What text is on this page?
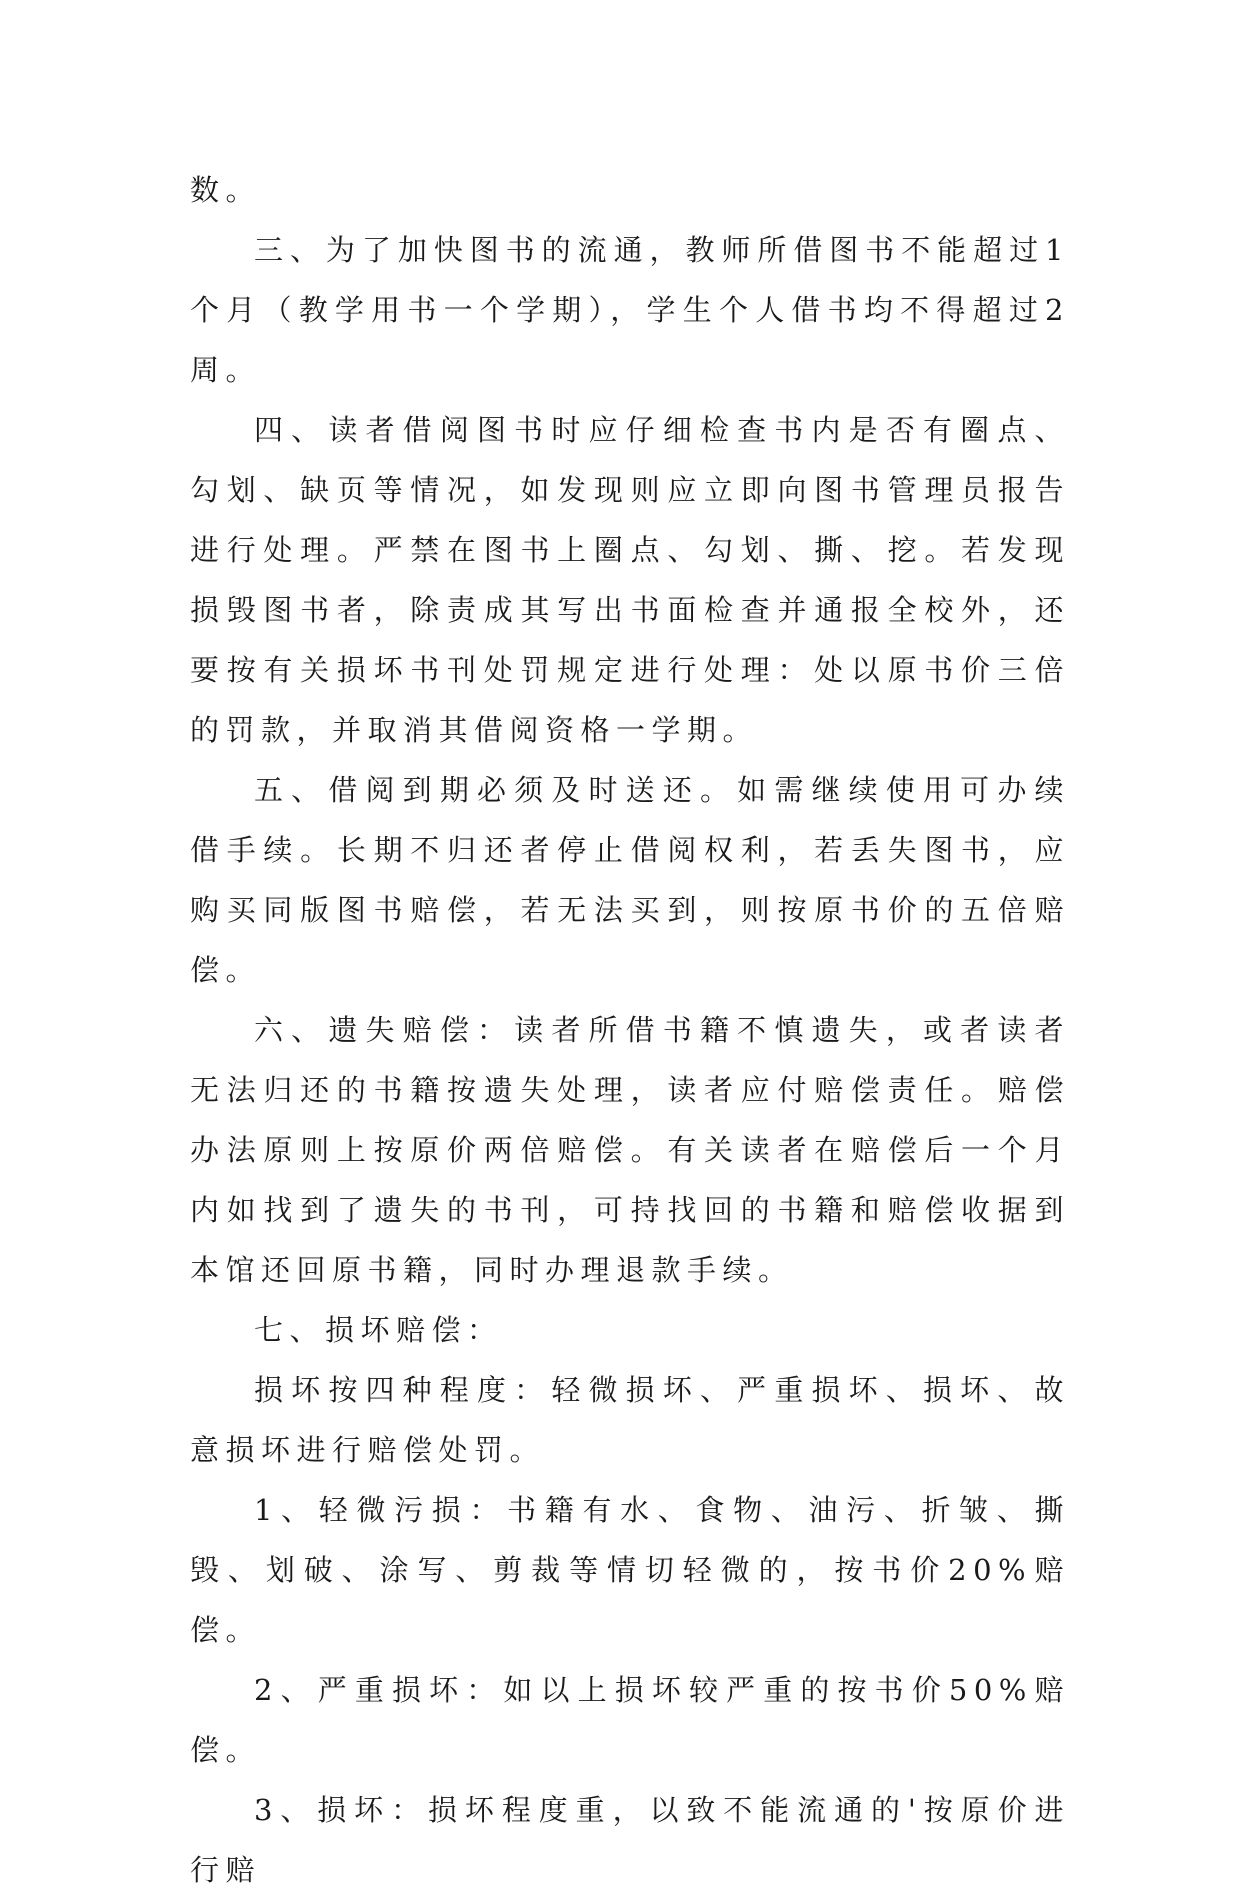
数。

三、为了加快图书的流通，教师所借图书不能超过1个月（教学用书一个学期），学生个人借书均不得超过2周。

四、读者借阅图书时应仔细检查书内是否有圈点、勾划、缺页等情况，如发现则应立即向图书管理员报告进行处理。严禁在图书上圈点、勾划、撕、挖。若发现损毁图书者，除责成其写出书面检查并通报全校外，还要按有关损坏书刊处罚规定进行处理：处以原书价三倍的罚款，并取消其借阅资格一学期。

五、借阅到期必须及时送还。如需继续使用可办续借手续。长期不归还者停止借阅权利，若丢失图书，应购买同版图书赔偿，若无法买到，则按原书价的五倍赔偿。

六、遗失赔偿：读者所借书籍不慎遗失，或者读者无法归还的书籍按遗失处理，读者应付赔偿责任。赔偿办法原则上按原价两倍赔偿。有关读者在赔偿后一个月内如找到了遗失的书刊，可持找回的书籍和赔偿收据到本馆还回原书籍，同时办理退款手续。

七、损坏赔偿：

损坏按四种程度：轻微损坏、严重损坏、损坏、故意损坏进行赔偿处罚。

1、轻微污损：书籍有水、食物、油污、折皱、撕毁、划破、涂写、剪裁等情切轻微的，按书价20%赔偿。

2、严重损坏：如以上损坏较严重的按书价50%赔偿。

3、损坏：损坏程度重，以致不能流通的'按原价进行赔
